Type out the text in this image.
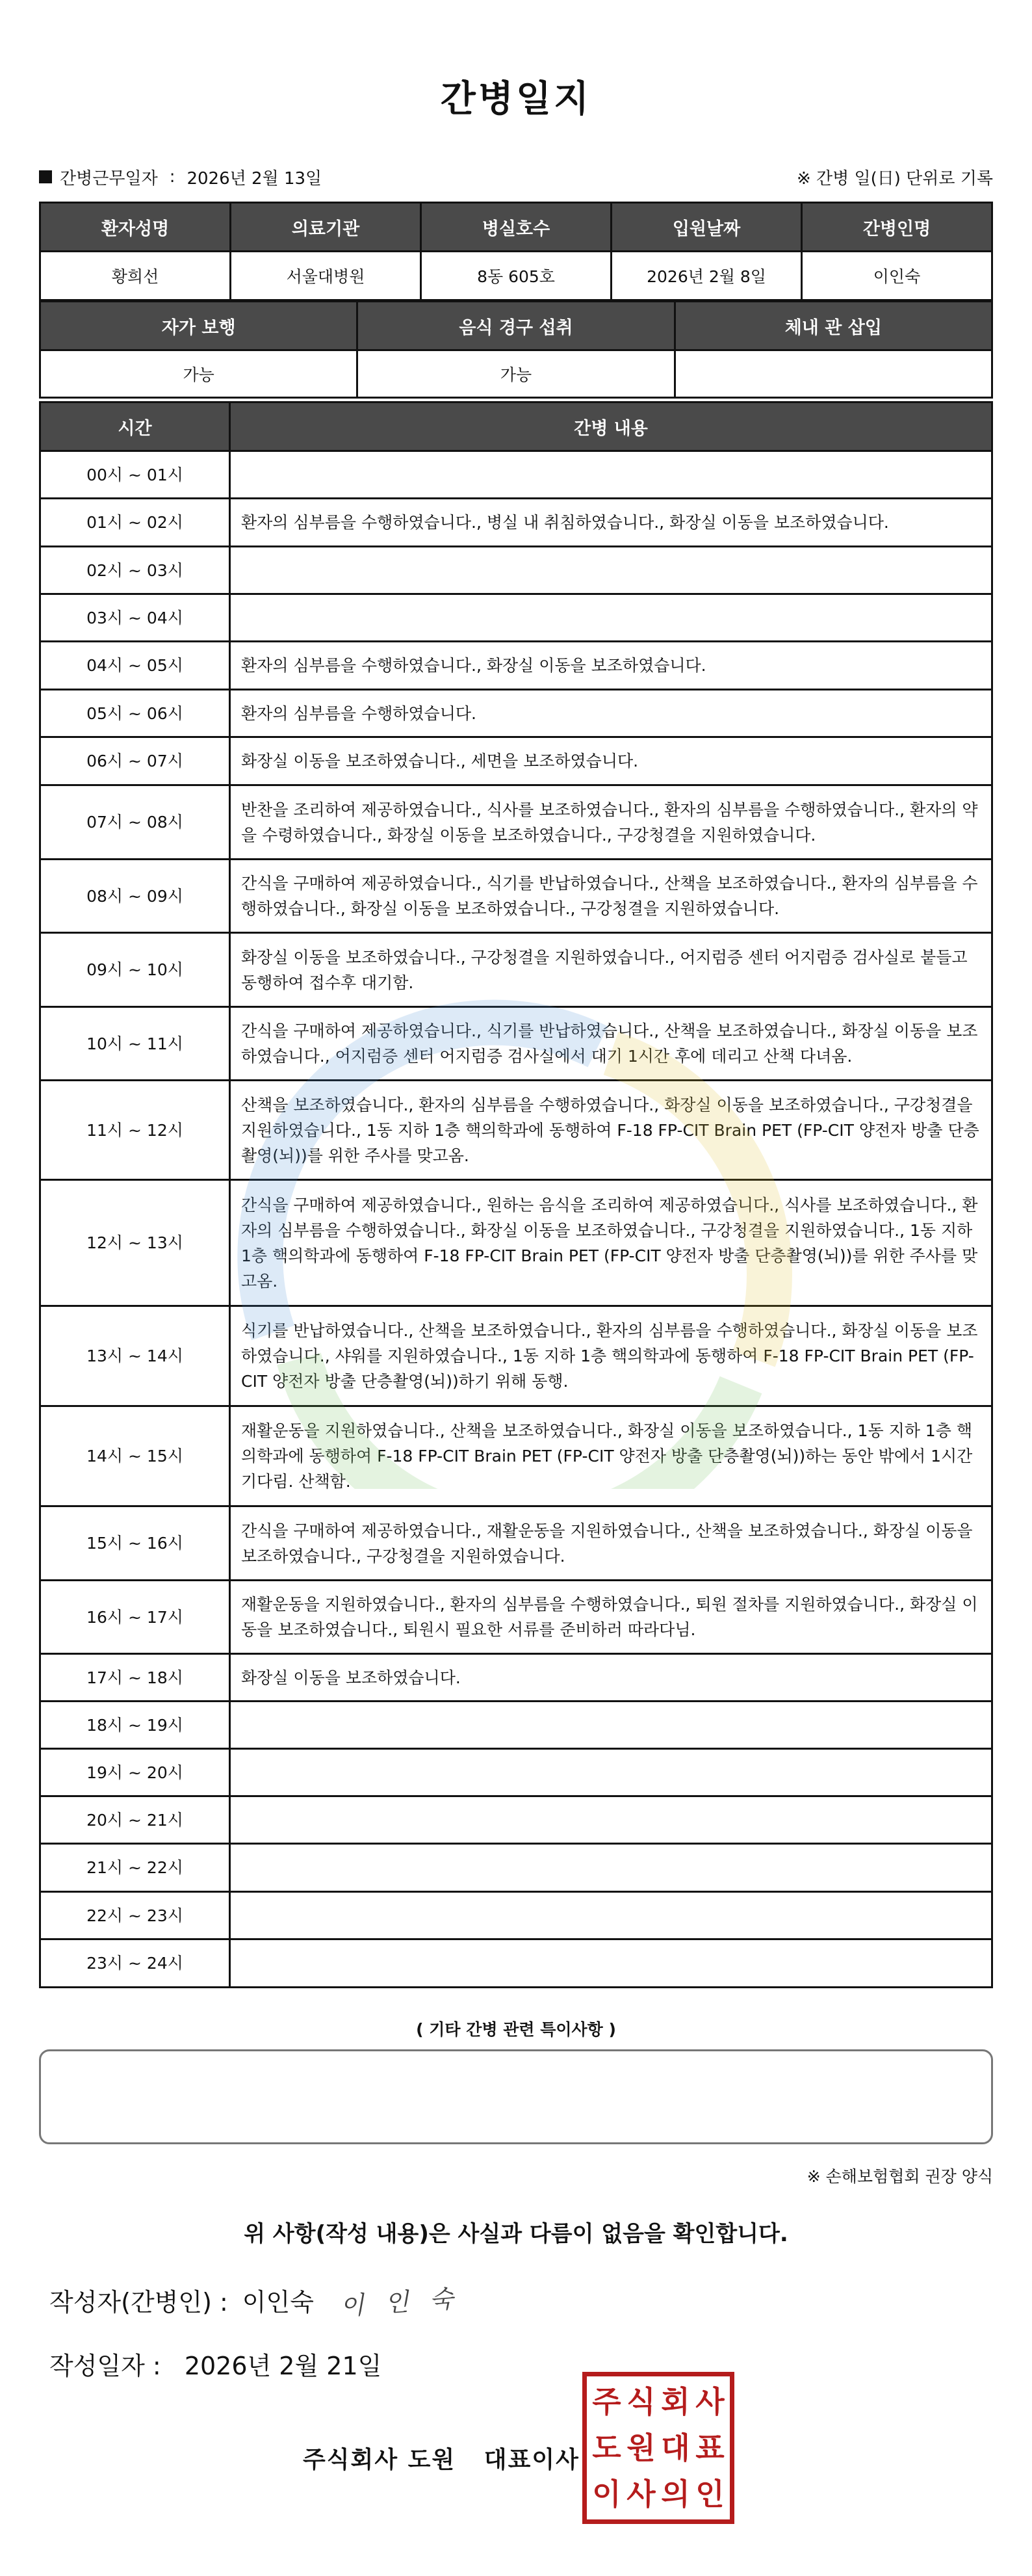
간병일지
간병근무일자 : 2026년 2월 13일	※ 간병 일(日) 단위로 기록
환자성명	의료기관	병실호수	입원날짜	간병인명
황희선	서울대병원	8동 605호	2026년 2월 8일	이인숙
자가 보행	음식 경구 섭취	체내 관 삽입
가능	가능	
시간	간병 내용
00시 ~ 01시	
01시 ~ 02시	환자의 심부름을 수행하였습니다., 병실 내 취침하였습니다., 화장실 이동을 보조하였습니다.
02시 ~ 03시	
03시 ~ 04시	
04시 ~ 05시	환자의 심부름을 수행하였습니다., 화장실 이동을 보조하였습니다.
05시 ~ 06시	환자의 심부름을 수행하였습니다.
06시 ~ 07시	화장실 이동을 보조하였습니다., 세면을 보조하였습니다.
07시 ~ 08시	반찬을 조리하여 제공하였습니다., 식사를 보조하였습니다., 환자의 심부름을 수행하였습니다., 환자의 약을 수령하였습니다., 화장실 이동을 보조하였습니다., 구강청결을 지원하였습니다.
08시 ~ 09시	간식을 구매하여 제공하였습니다., 식기를 반납하였습니다., 산책을 보조하였습니다., 환자의 심부름을 수행하였습니다., 화장실 이동을 보조하였습니다., 구강청결을 지원하였습니다.
09시 ~ 10시	화장실 이동을 보조하였습니다., 구강청결을 지원하였습니다., 어지럼증 센터 어지럼증 검사실로 붙들고 동행하여 접수후 대기함.
10시 ~ 11시	간식을 구매하여 제공하였습니다., 식기를 반납하였습니다., 산책을 보조하였습니다., 화장실 이동을 보조하였습니다., 어지럼증 센터 어지럼증 검사실에서 대기 1시간 후에 데리고 산책 다녀옴.
11시 ~ 12시	산책을 보조하였습니다., 환자의 심부름을 수행하였습니다., 화장실 이동을 보조하였습니다., 구강청결을 지원하였습니다., 1동 지하 1층 핵의학과에 동행하여 F-18 FP-CIT Brain PET (FP-CIT 양전자 방출 단층촬영(뇌))를 위한 주사를 맞고옴.
12시 ~ 13시	간식을 구매하여 제공하였습니다., 원하는 음식을 조리하여 제공하였습니다., 식사를 보조하였습니다., 환자의 심부름을 수행하였습니다., 화장실 이동을 보조하였습니다., 구강청결을 지원하였습니다., 1동 지하 1층 핵의학과에 동행하여 F-18 FP-CIT Brain PET (FP-CIT 양전자 방출 단층촬영(뇌))를 위한 주사를 맞고옴.
13시 ~ 14시	식기를 반납하였습니다., 산책을 보조하였습니다., 환자의 심부름을 수행하였습니다., 화장실 이동을 보조하였습니다., 샤워를 지원하였습니다., 1동 지하 1층 핵의학과에 동행하여 F-18 FP-CIT Brain PET (FP-CIT 양전자 방출 단층촬영(뇌))하기 위해 동행.
14시 ~ 15시	재활운동을 지원하였습니다., 산책을 보조하였습니다., 화장실 이동을 보조하였습니다., 1동 지하 1층 핵의학과에 동행하여 F-18 FP-CIT Brain PET (FP-CIT 양전자 방출 단층촬영(뇌))하는 동안 밖에서 1시간 기다림. 산책함.
15시 ~ 16시	간식을 구매하여 제공하였습니다., 재활운동을 지원하였습니다., 산책을 보조하였습니다., 화장실 이동을 보조하였습니다., 구강청결을 지원하였습니다.
16시 ~ 17시	재활운동을 지원하였습니다., 환자의 심부름을 수행하였습니다., 퇴원 절차를 지원하였습니다., 화장실 이동을 보조하였습니다., 퇴원시 필요한 서류를 준비하러 따라다님.
17시 ~ 18시	화장실 이동을 보조하였습니다.
18시 ~ 19시	
19시 ~ 20시	
20시 ~ 21시	
21시 ~ 22시	
22시 ~ 23시	
23시 ~ 24시	
( 기타 간병 관련 특이사항 )
※ 손해보험협회 권장 양식
위 사항(작성 내용)은 사실과 다름이 없음을 확인합니다.
작성자(간병인) : 이인숙 이 인 숙
작성일자 : 2026년 2월 21일
주식회사 도원   대표이사
주 식 회 사
도 원 대 표
이 사 의 인
